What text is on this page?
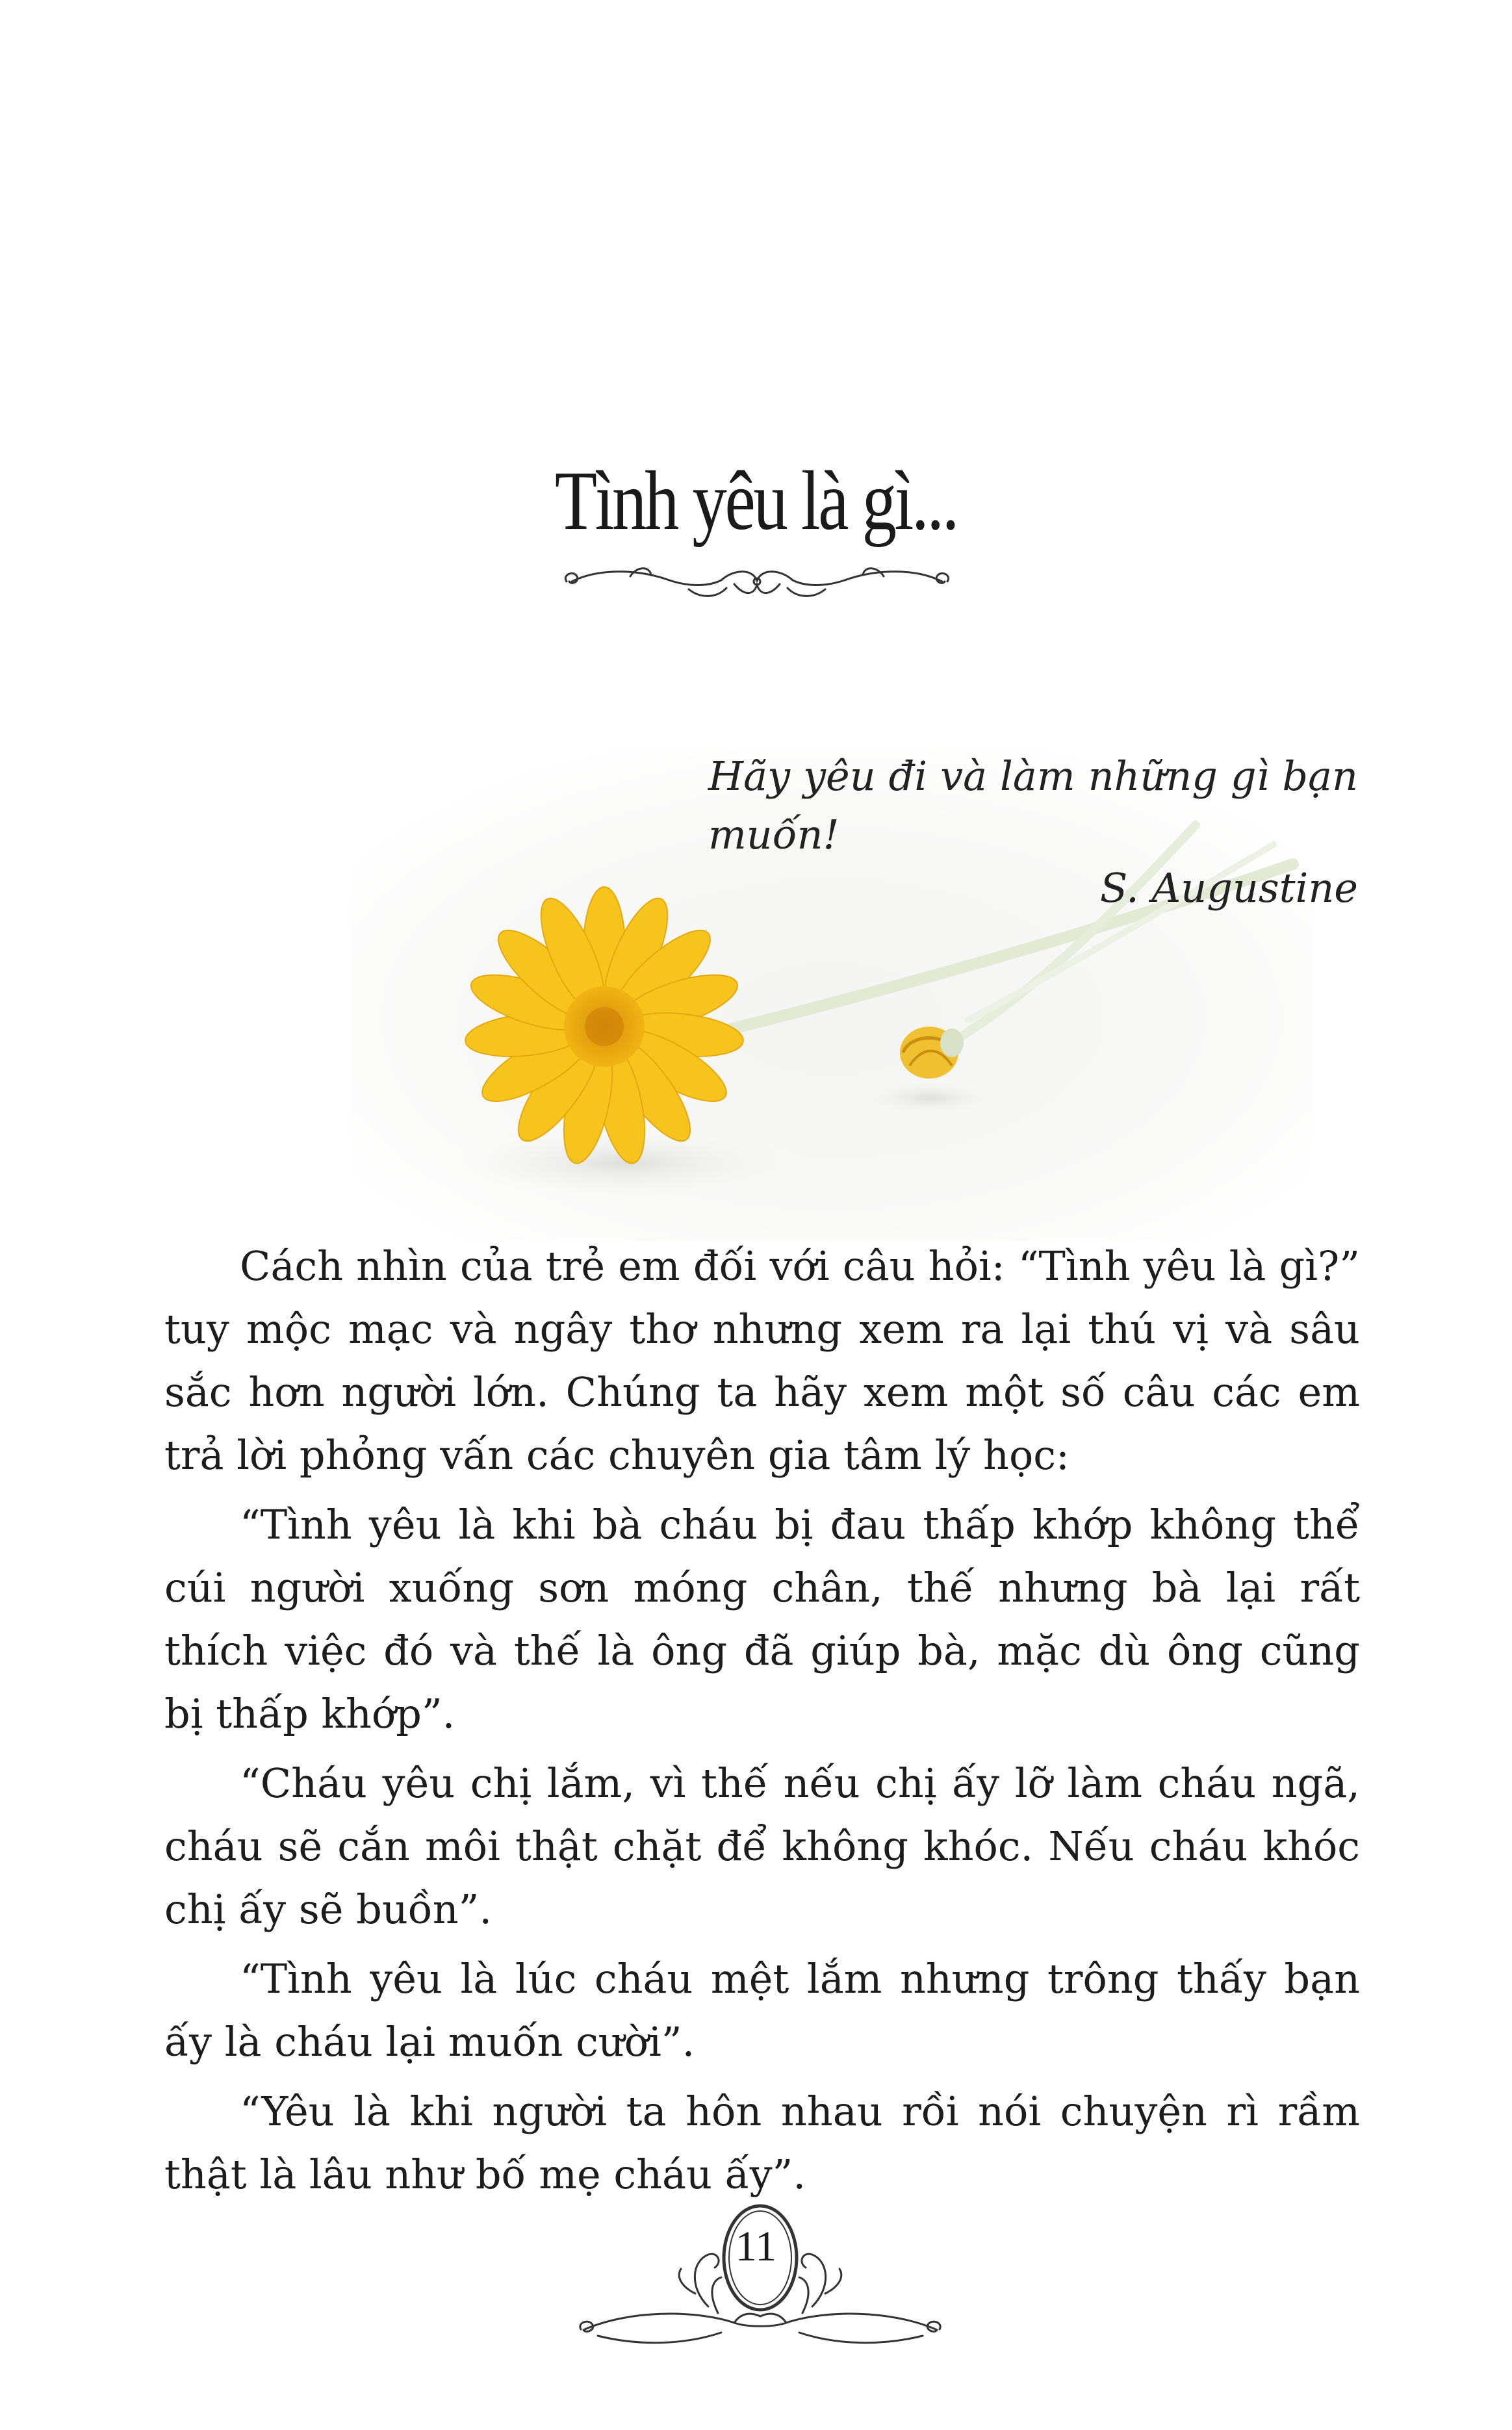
Tình yêu là gì...
Hãy yêu đi và làm những gì bạn muốn!
S. Augustine

Cách nhìn của trẻ em đối với câu hỏi: “Tình yêu là gì?” tuy mộc mạc và ngây thơ nhưng xem ra lại thú vị và sâu sắc hơn người lớn. Chúng ta hãy xem một số câu các em trả lời phỏng vấn các chuyên gia tâm lý học:

“Tình yêu là khi bà cháu bị đau thấp khớp không thể cúi người xuống sơn móng chân, thế nhưng bà lại rất thích việc đó và thế là ông đã giúp bà, mặc dù ông cũng bị thấp khớp”.

“Cháu yêu chị lắm, vì thế nếu chị ấy lỡ làm cháu ngã, cháu sẽ cắn môi thật chặt để không khóc. Nếu cháu khóc chị ấy sẽ buồn”.

“Tình yêu là lúc cháu mệt lắm nhưng trông thấy bạn ấy là cháu lại muốn cười”.

“Yêu là khi người ta hôn nhau rồi nói chuyện rì rầm thật là lâu như bố mẹ cháu ấy”.

11
